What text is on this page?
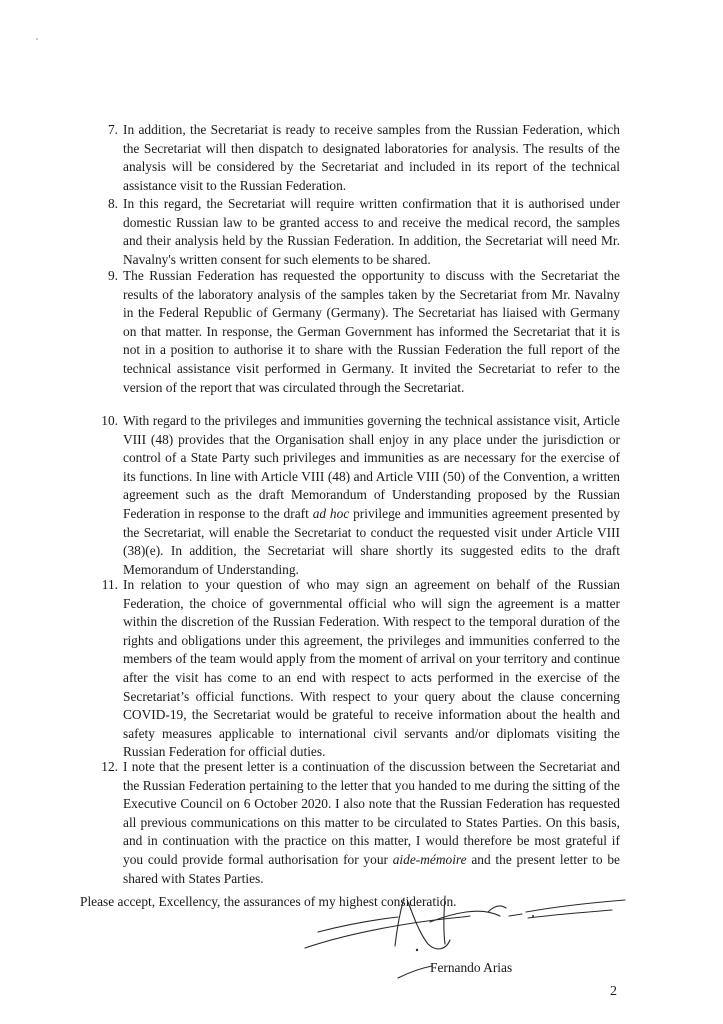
7. In addition, the Secretariat is ready to receive samples from the Russian Federation, which the Secretariat will then dispatch to designated laboratories for analysis. The results of the analysis will be considered by the Secretariat and included in its report of the technical assistance visit to the Russian Federation.

8. In this regard, the Secretariat will require written confirmation that it is authorised under domestic Russian law to be granted access to and receive the medical record, the samples and their analysis held by the Russian Federation. In addition, the Secretariat will need Mr. Navalny's written consent for such elements to be shared.

9. The Russian Federation has requested the opportunity to discuss with the Secretariat the results of the laboratory analysis of the samples taken by the Secretariat from Mr. Navalny in the Federal Republic of Germany (Germany). The Secretariat has liaised with Germany on that matter. In response, the German Government has informed the Secretariat that it is not in a position to authorise it to share with the Russian Federation the full report of the technical assistance visit performed in Germany. It invited the Secretariat to refer to the version of the report that was circulated through the Secretariat.

10. With regard to the privileges and immunities governing the technical assistance visit, Article VIII (48) provides that the Organisation shall enjoy in any place under the jurisdiction or control of a State Party such privileges and immunities as are necessary for the exercise of its functions. In line with Article VIII (48) and Article VIII (50) of the Convention, a written agreement such as the draft Memorandum of Understanding proposed by the Russian Federation in response to the draft ad hoc privilege and immunities agreement presented by the Secretariat, will enable the Secretariat to conduct the requested visit under Article VIII (38)(e). In addition, the Secretariat will share shortly its suggested edits to the draft Memorandum of Understanding.

11. In relation to your question of who may sign an agreement on behalf of the Russian Federation, the choice of governmental official who will sign the agreement is a matter within the discretion of the Russian Federation. With respect to the temporal duration of the rights and obligations under this agreement, the privileges and immunities conferred to the members of the team would apply from the moment of arrival on your territory and continue after the visit has come to an end with respect to acts performed in the exercise of the Secretariat’s official functions. With respect to your query about the clause concerning COVID-19, the Secretariat would be grateful to receive information about the health and safety measures applicable to international civil servants and/or diplomats visiting the Russian Federation for official duties.

12. I note that the present letter is a continuation of the discussion between the Secretariat and the Russian Federation pertaining to the letter that you handed to me during the sitting of the Executive Council on 6 October 2020. I also note that the Russian Federation has requested all previous communications on this matter to be circulated to States Parties. On this basis, and in continuation with the practice on this matter, I would therefore be most grateful if you could provide formal authorisation for your aide-mémoire and the present letter to be shared with States Parties.

Please accept, Excellency, the assurances of my highest consideration.

Fernando Arias

2
